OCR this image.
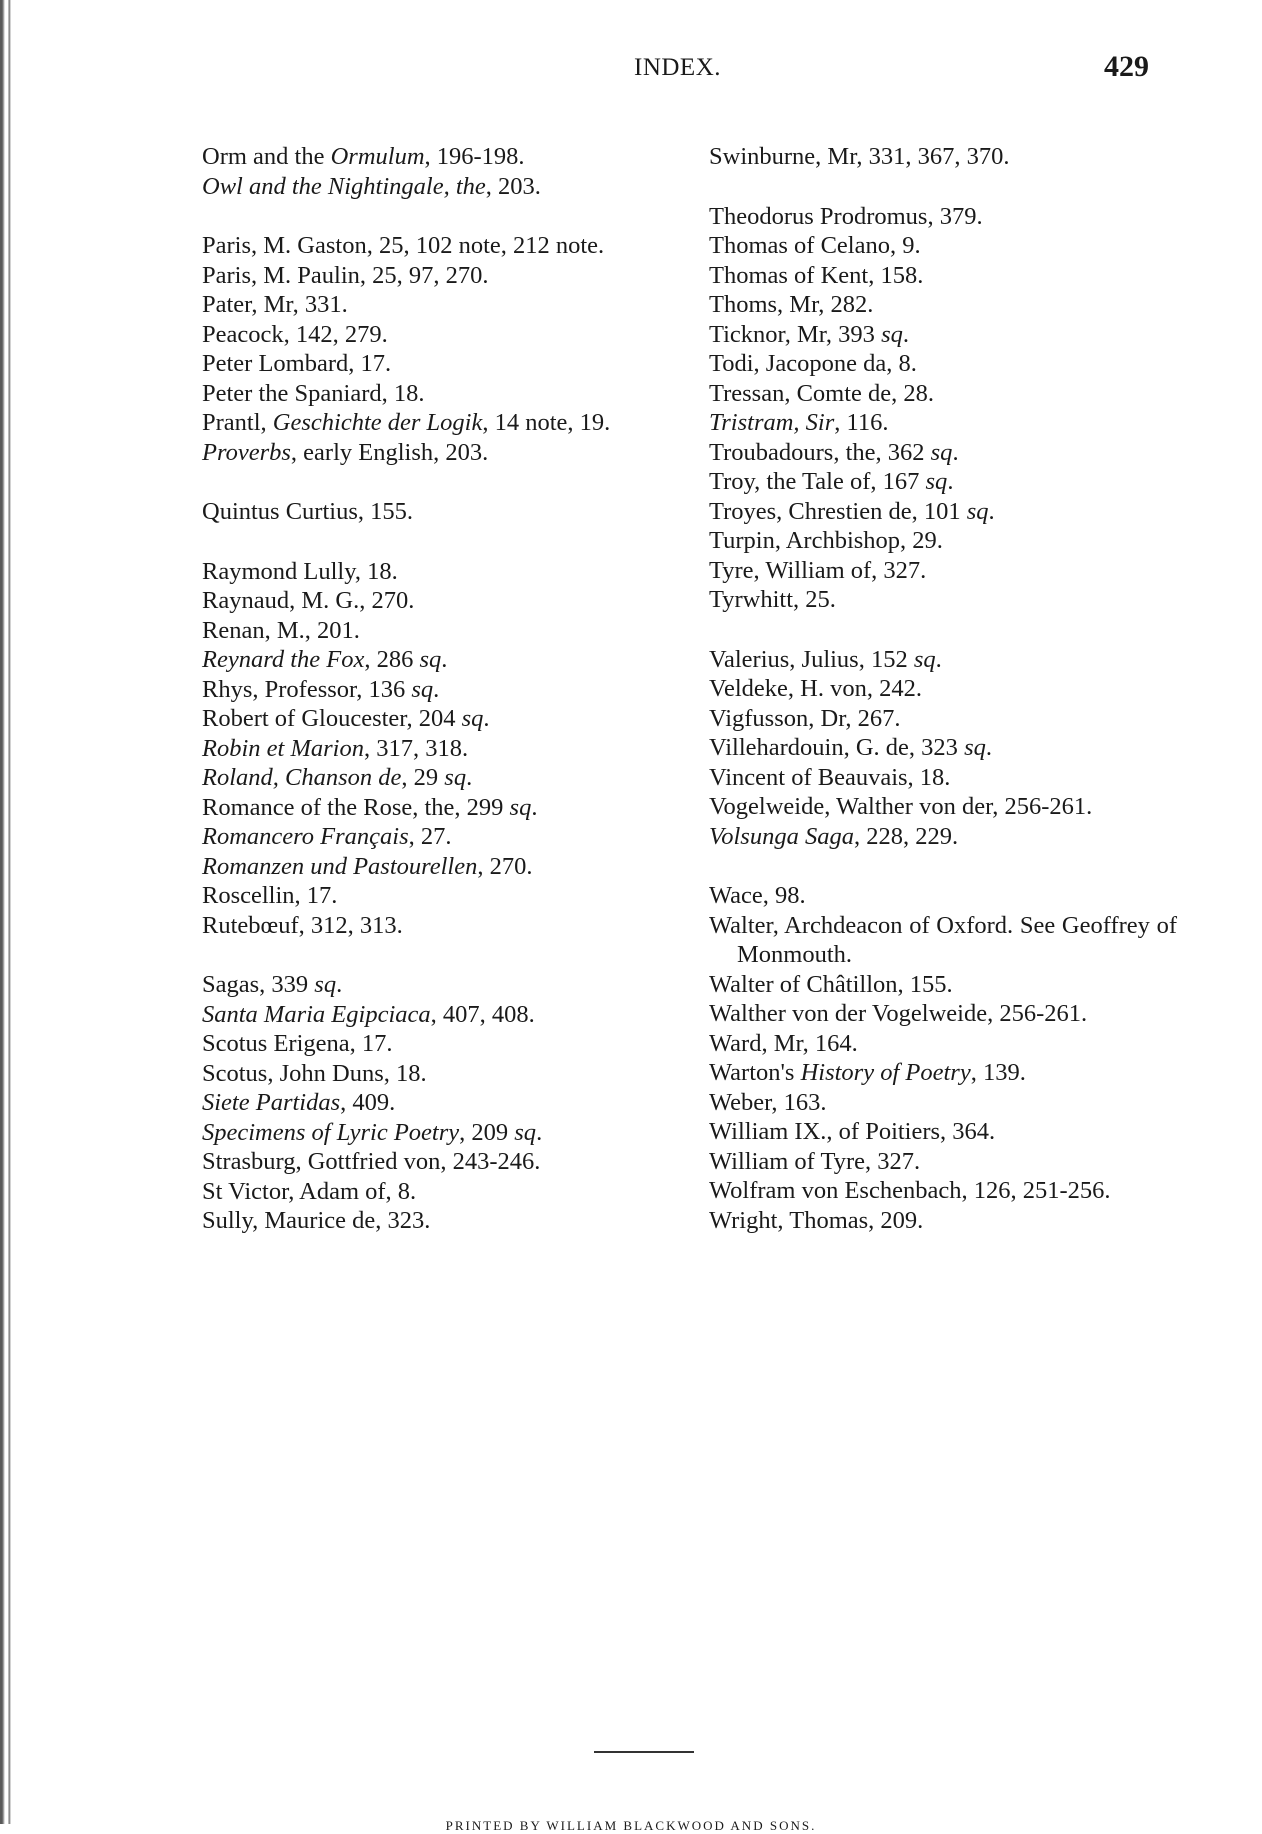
INDEX.	429
Orm and the Ormulum, 196-198.
Owl and the Nightingale, the, 203.
Paris, M. Gaston, 25, 102 note, 212 note.
Paris, M. Paulin, 25, 97, 270.
Pater, Mr, 331.
Peacock, 142, 279.
Peter Lombard, 17.
Peter the Spaniard, 18.
Prantl, Geschichte der Logik, 14 note, 19.
Proverbs, early English, 203.
Quintus Curtius, 155.
Raymond Lully, 18.
Raynaud, M. G., 270.
Renan, M., 201.
Reynard the Fox, 286 sq.
Rhys, Professor, 136 sq.
Robert of Gloucester, 204 sq.
Robin et Marion, 317, 318.
Roland, Chanson de, 29 sq.
Romance of the Rose, the, 299 sq.
Romancero Français, 27.
Romanzen und Pastourellen, 270.
Roscellin, 17.
Rutebœuf, 312, 313.
Sagas, 339 sq.
Santa Maria Egipciaca, 407, 408.
Scotus Erigena, 17.
Scotus, John Duns, 18.
Siete Partidas, 409.
Specimens of Lyric Poetry, 209 sq.
Strasburg, Gottfried von, 243-246.
St Victor, Adam of, 8.
Sully, Maurice de, 323.
Swinburne, Mr, 331, 367, 370.
Theodorus Prodromus, 379.
Thomas of Celano, 9.
Thomas of Kent, 158.
Thoms, Mr, 282.
Ticknor, Mr, 393 sq.
Todi, Jacopone da, 8.
Tressan, Comte de, 28.
Tristram, Sir, 116.
Troubadours, the, 362 sq.
Troy, the Tale of, 167 sq.
Troyes, Chrestien de, 101 sq.
Turpin, Archbishop, 29.
Tyre, William of, 327.
Tyrwhitt, 25.
Valerius, Julius, 152 sq.
Veldeke, H. von, 242.
Vigfusson, Dr, 267.
Villehardouin, G. de, 323 sq.
Vincent of Beauvais, 18.
Vogelweide, Walther von der, 256-261.
Volsunga Saga, 228, 229.
Wace, 98.
Walter, Archdeacon of Oxford. See Geoffrey of Monmouth.
Walter of Châtillon, 155.
Walther von der Vogelweide, 256-261.
Ward, Mr, 164.
Warton's History of Poetry, 139.
Weber, 163.
William IX., of Poitiers, 364.
William of Tyre, 327.
Wolfram von Eschenbach, 126, 251-256.
Wright, Thomas, 209.
PRINTED BY WILLIAM BLACKWOOD AND SONS.
